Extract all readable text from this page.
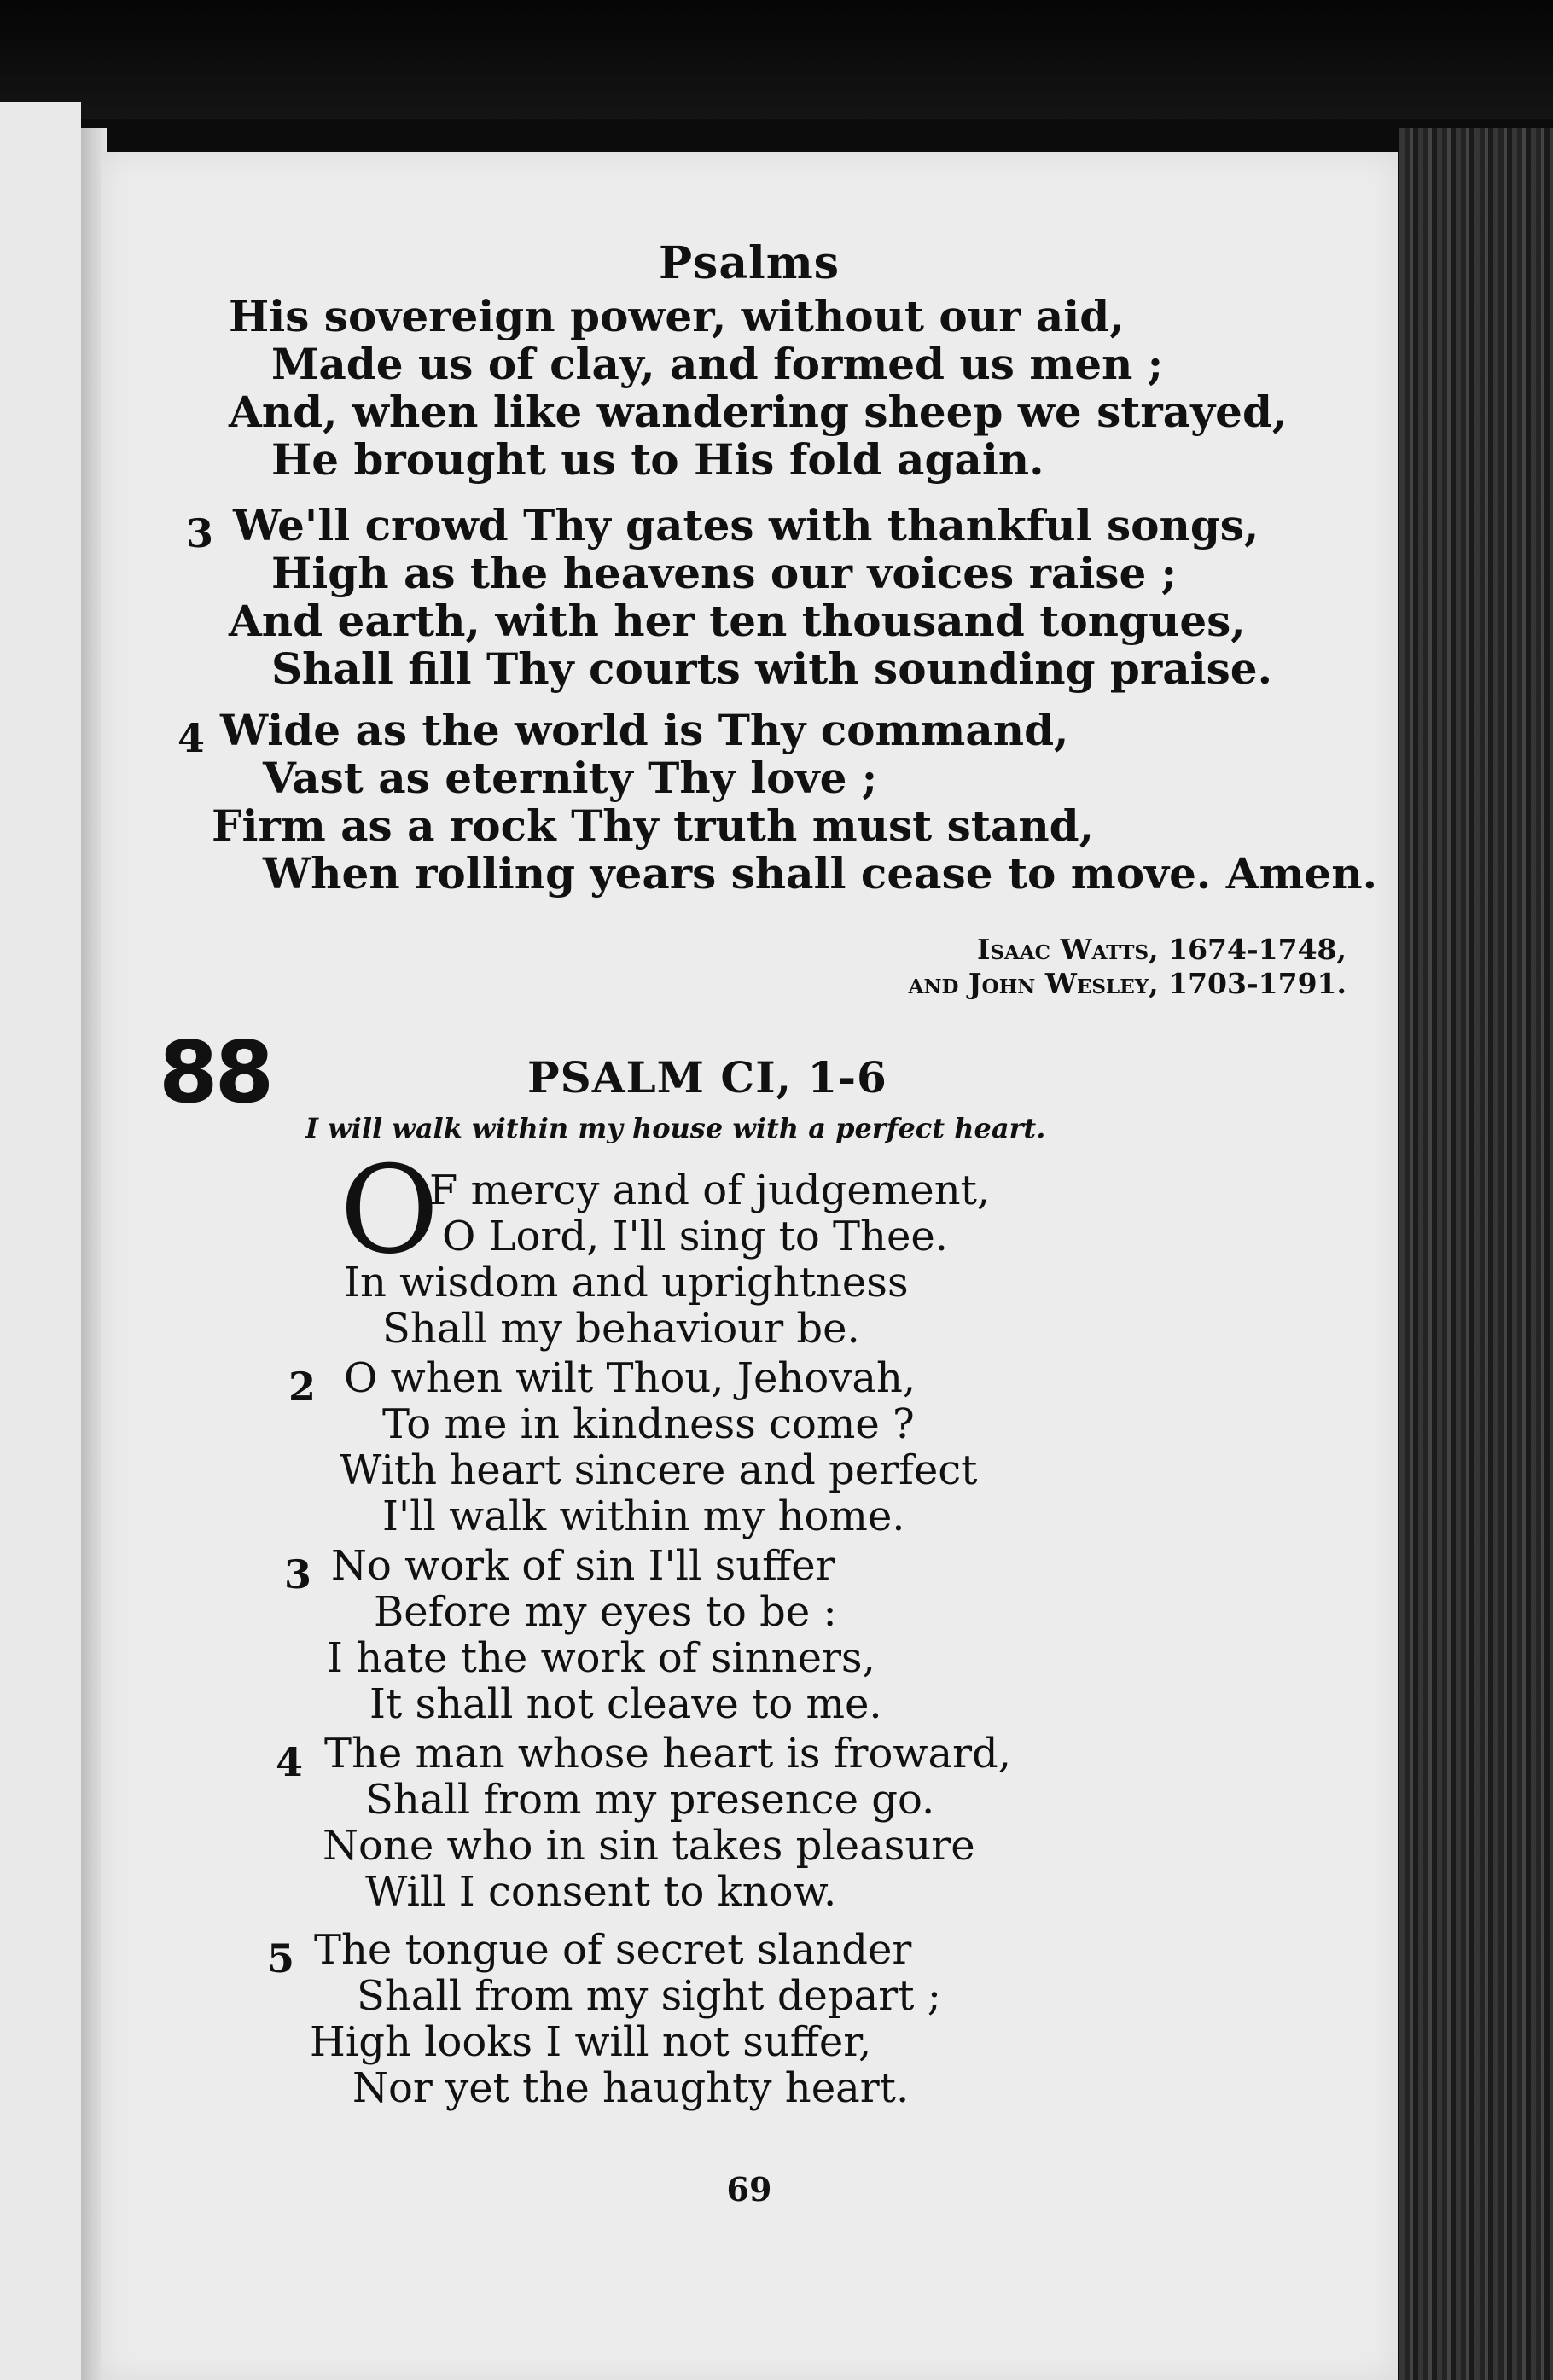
Psalms
His sovereign power, without our aid,
Made us of clay, and formed us men ;
And, when like wandering sheep we strayed,
He brought us to His fold again.
3 We'll crowd Thy gates with thankful songs,
High as the heavens our voices raise ;
And earth, with her ten thousand tongues,
Shall fill Thy courts with sounding praise.
4 Wide as the world is Thy command,
Vast as eternity Thy love ;
Firm as a rock Thy truth must stand,
When rolling years shall cease to move. Amen.
Isaac Watts, 1674-1748,
and John Wesley, 1703-1791.
88	PSALM CI, 1-6
I will walk within my house with a perfect heart.
O
F mercy and of judgement,
O Lord, I'll sing to Thee.
In wisdom and uprightness
Shall my behaviour be.
2 O when wilt Thou, Jehovah,
To me in kindness come ?
With heart sincere and perfect
I'll walk within my home.
3 No work of sin I'll suffer
Before my eyes to be :
I hate the work of sinners,
It shall not cleave to me.
4 The man whose heart is froward,
Shall from my presence go.
None who in sin takes pleasure
Will I consent to know.
5 The tongue of secret slander
Shall from my sight depart ;
High looks I will not suffer,
Nor yet the haughty heart.
69
